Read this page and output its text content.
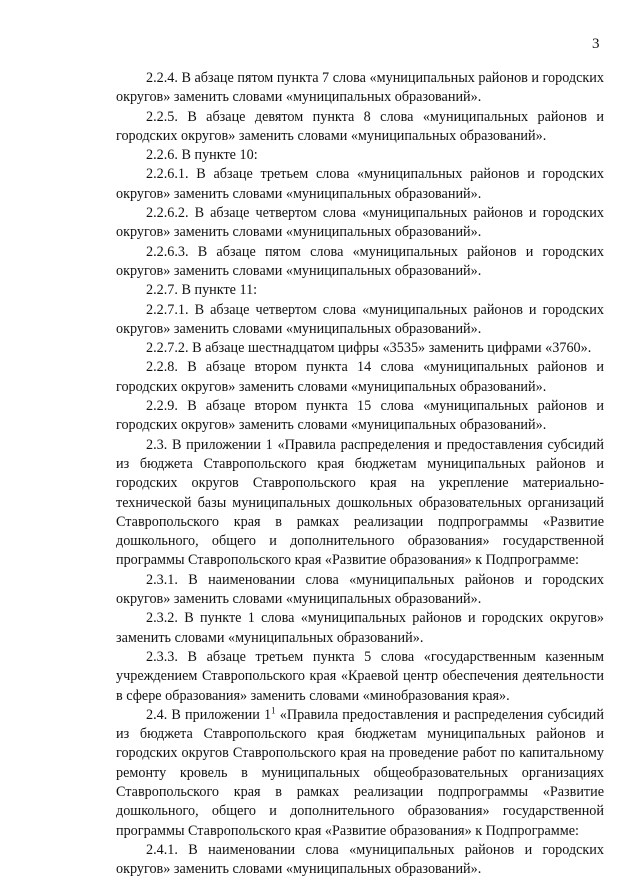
3

2.2.4. В абзаце пятом пункта 7 слова «муниципальных районов и городских округов» заменить словами «муниципальных образований».

2.2.5. В абзаце девятом пункта 8 слова «муниципальных районов и городских округов» заменить словами «муниципальных образований».

2.2.6. В пункте 10:

2.2.6.1. В абзаце третьем слова «муниципальных районов и городских округов» заменить словами «муниципальных образований».

2.2.6.2. В абзаце четвертом слова «муниципальных районов и городских округов» заменить словами «муниципальных образований».

2.2.6.3. В абзаце пятом слова «муниципальных районов и городских округов» заменить словами «муниципальных образований».

2.2.7. В пункте 11:

2.2.7.1. В абзаце четвертом слова «муниципальных районов и городских округов» заменить словами «муниципальных образований».

2.2.7.2. В абзаце шестнадцатом цифры «3535» заменить цифрами «3760».

2.2.8. В абзаце втором пункта 14 слова «муниципальных районов и городских округов» заменить словами «муниципальных образований».

2.2.9. В абзаце втором пункта 15 слова «муниципальных районов и городских округов» заменить словами «муниципальных образований».

2.3. В приложении 1 «Правила распределения и предоставления субсидий из бюджета Ставропольского края бюджетам муниципальных районов и городских округов Ставропольского края на укрепление материально-технической базы муниципальных дошкольных образовательных организаций Ставропольского края в рамках реализации подпрограммы «Развитие дошкольного, общего и дополнительного образования» государственной программы Ставропольского края «Развитие образования» к Подпрограмме:

2.3.1. В наименовании слова «муниципальных районов и городских округов» заменить словами «муниципальных образований».

2.3.2. В пункте 1 слова «муниципальных районов и городских округов» заменить словами «муниципальных образований».

2.3.3. В абзаце третьем пункта 5 слова «государственным казенным учреждением Ставропольского края «Краевой центр обеспечения деятельности в сфере образования» заменить словами «минобразования края».

2.4. В приложении $1^1$ «Правила предоставления и распределения субсидий из бюджета Ставропольского края бюджетам муниципальных районов и городских округов Ставропольского края на проведение работ по капитальному ремонту кровель в муниципальных общеобразовательных организациях Ставропольского края в рамках реализации подпрограммы «Развитие дошкольного, общего и дополнительного образования» государственной программы Ставропольского края «Развитие образования» к Подпрограмме:

2.4.1. В наименовании слова «муниципальных районов и городских округов» заменить словами «муниципальных образований».
